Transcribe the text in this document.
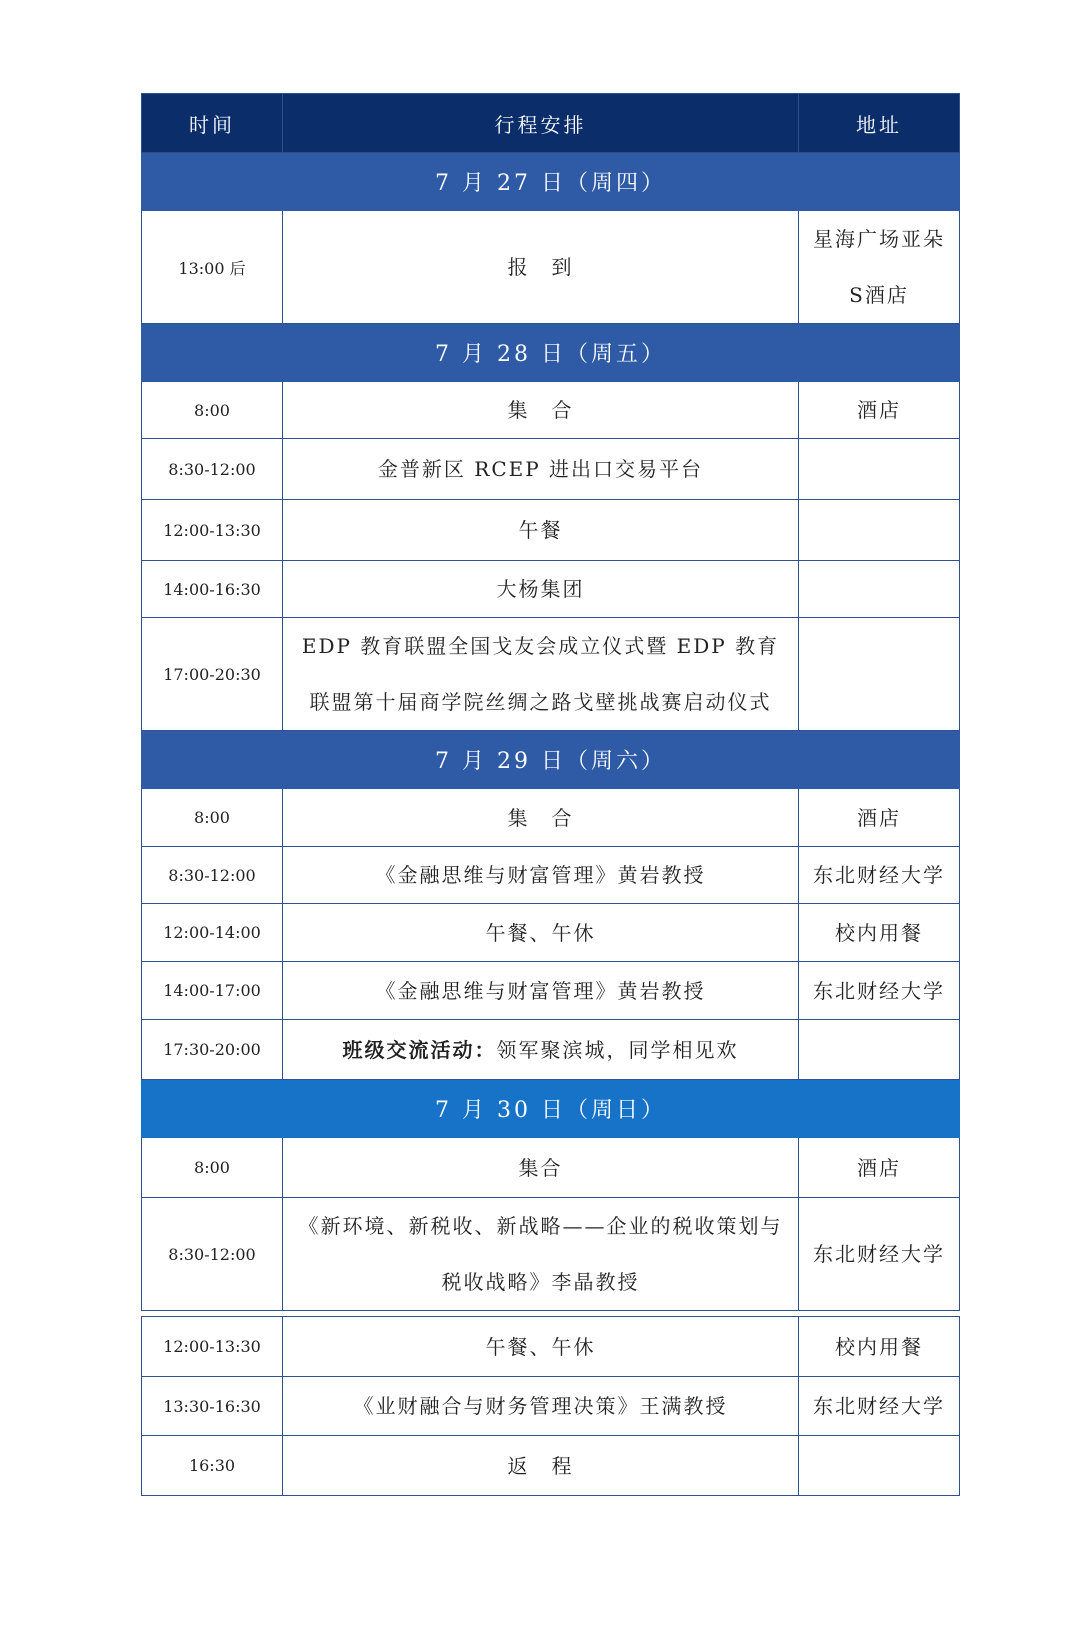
时间	行程安排	地址
7 月 27 日（周四）		
13:00 后	报　到	星海广场亚朵S酒店
7 月 28 日（周五）		
8:00	集　合	酒店
8:30-12:00	金普新区 RCEP 进出口交易平台	
12:00-13:30	午餐	
14:00-16:30	大杨集团	
17:00-20:30	EDP 教育联盟全国戈友会成立仪式暨 EDP 教育联盟第十届商学院丝绸之路戈壁挑战赛启动仪式	
7 月 29 日（周六）		
8:00	集　合	酒店
8:30-12:00	《金融思维与财富管理》黄岩教授	东北财经大学
12:00-14:00	午餐、午休	校内用餐
14:00-17:00	《金融思维与财富管理》黄岩教授	东北财经大学
17:30-20:00	班级交流活动：领军聚滨城，同学相见欢	
7 月 30 日（周日）		
8:00	集合	酒店
8:30-12:00	《新环境、新税收、新战略——企业的税收策划与税收战略》李晶教授	东北财经大学

12:00-13:30	午餐、午休	校内用餐
13:30-16:30	《业财融合与财务管理决策》王满教授	东北财经大学
16:30	返　程	
